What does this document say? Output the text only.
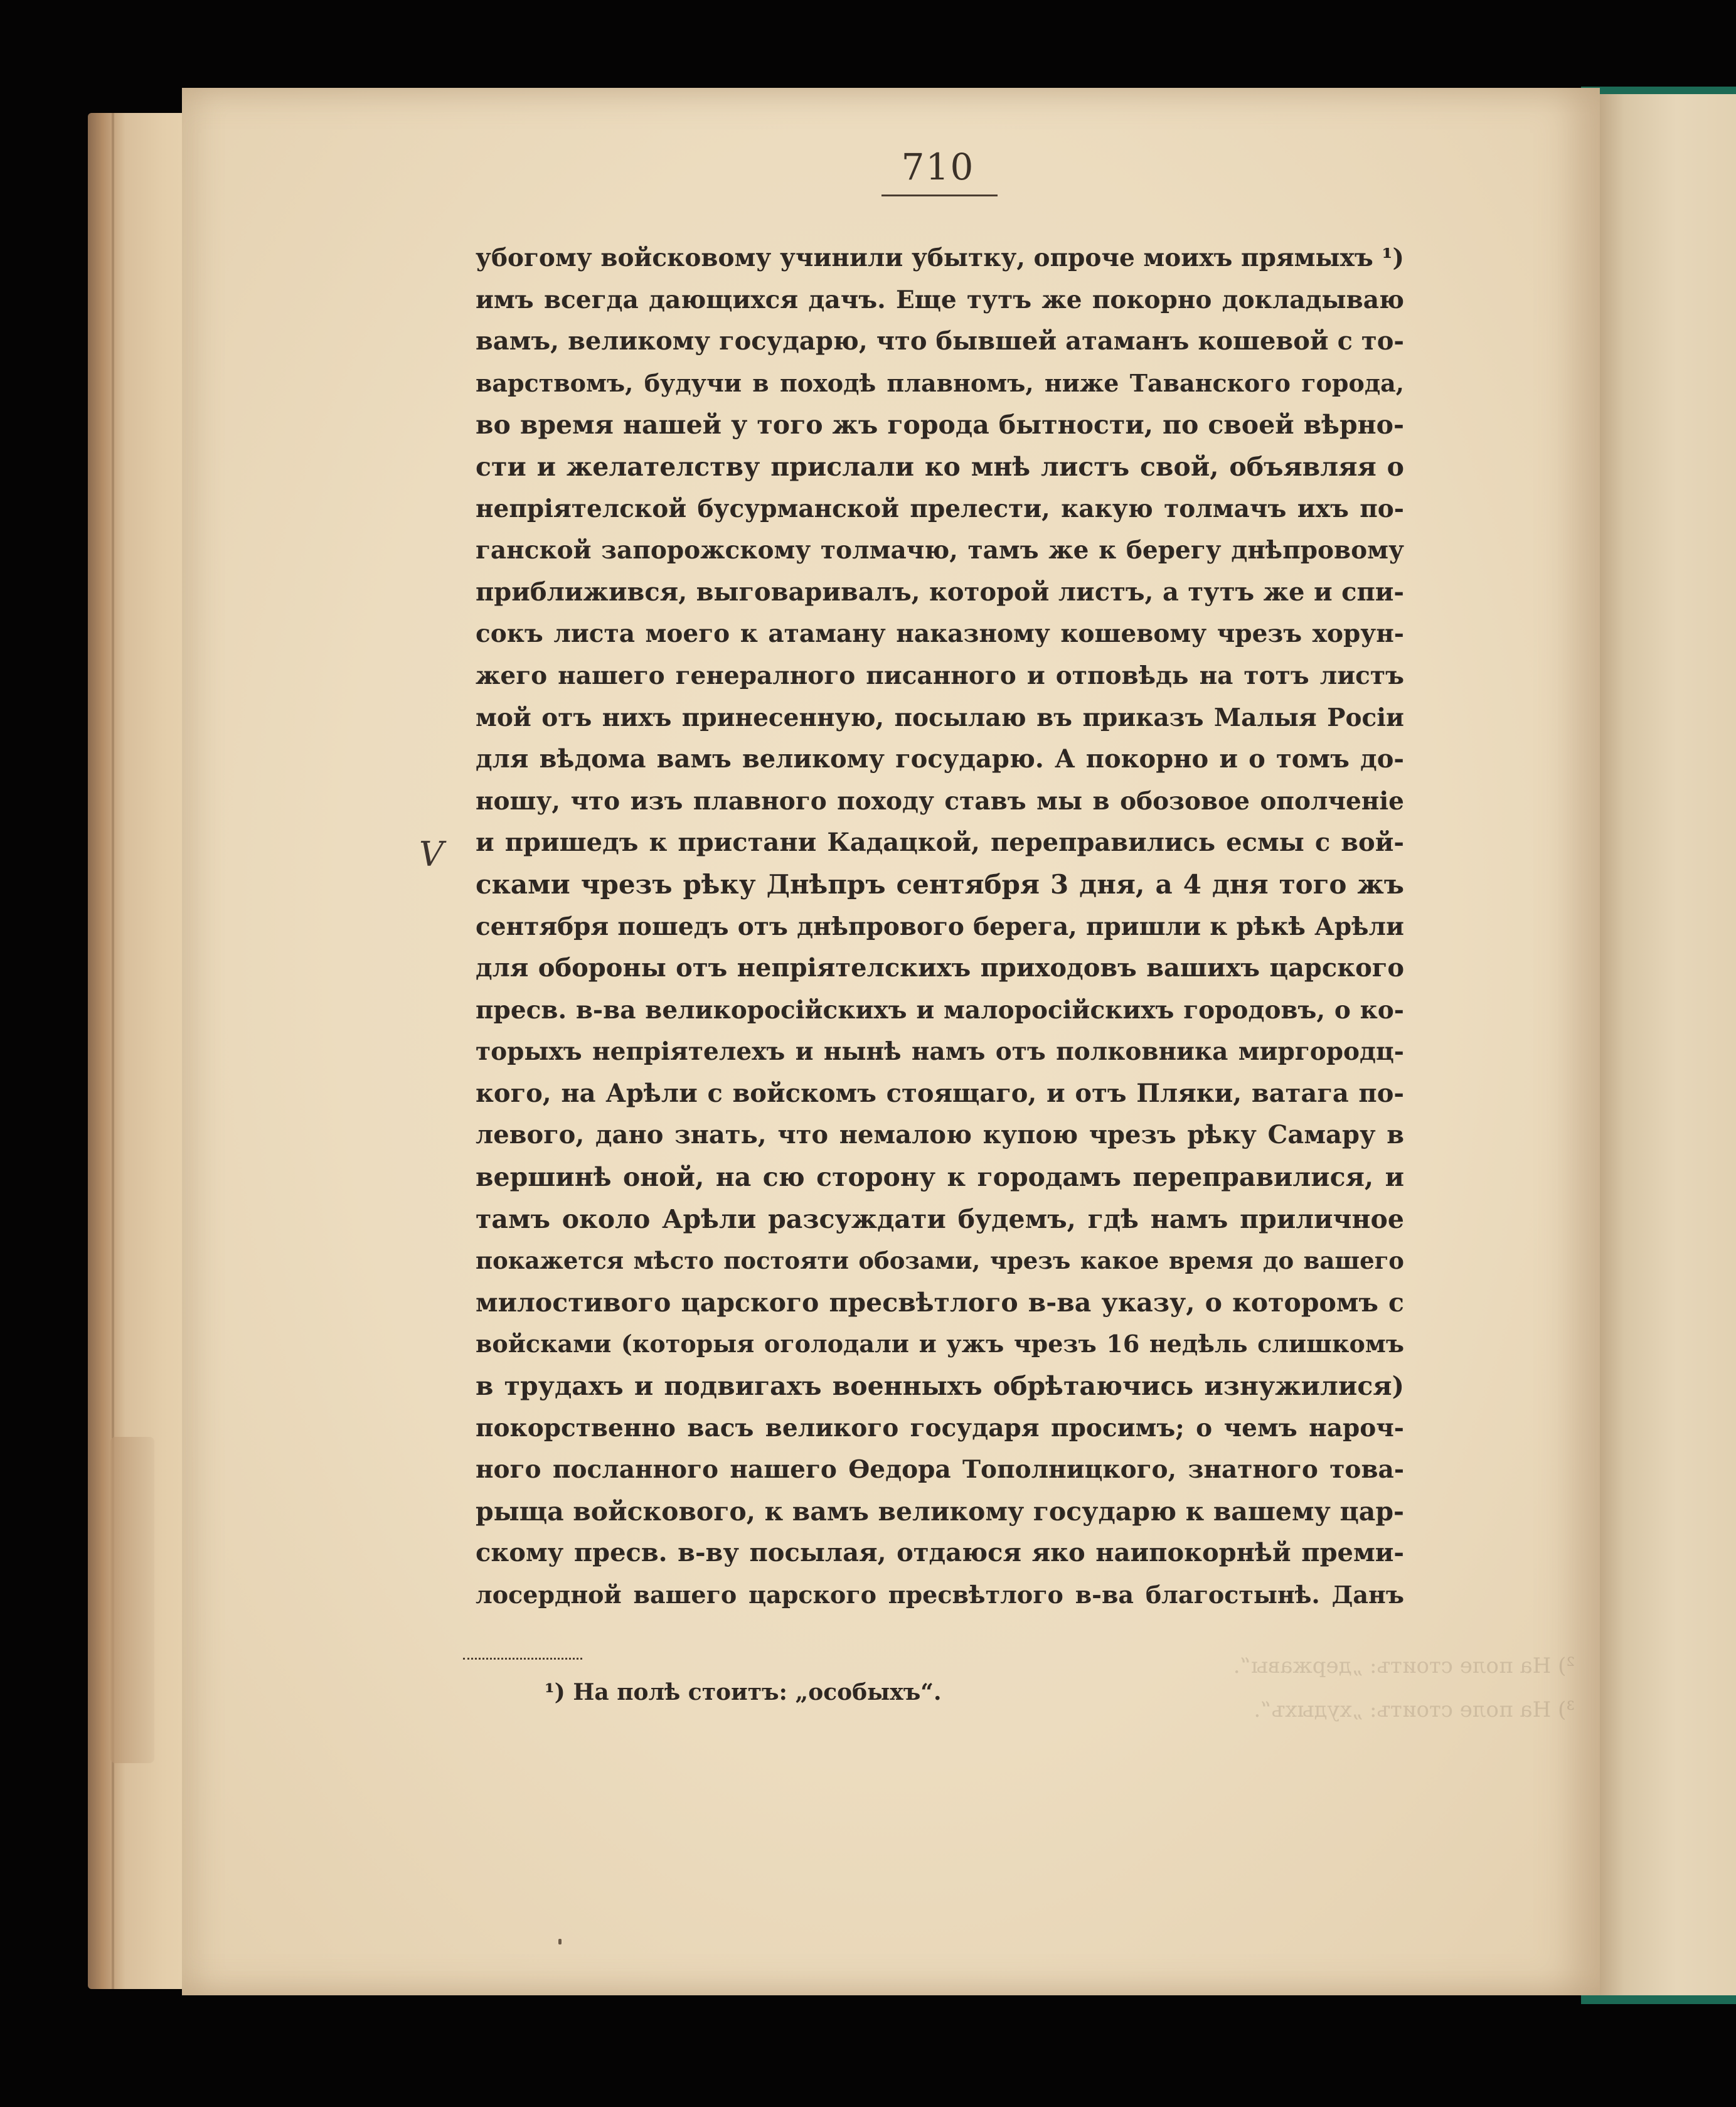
²) На поле стоитъ: „державы“.
³) На поле стоитъ: „худыхъ“.
710
V
убогому войсковому учинили убытку, опроче моихъ прямыхъ ¹)
имъ всегда дающихся дачъ. Еще тутъ же покорно докладываю
вамъ, великому государю, что бывшей атаманъ кошевой с то-
варствомъ, будучи в походѣ плавномъ, ниже Таванского города,
во время нашей у того жъ города бытности, по своей вѣрно-
сти и желателству прислали ко мнѣ листъ свой, объявляя о
непріятелской бусурманской прелести, какую толмачъ ихъ по-
ганской запорожскому толмачю, тамъ же к берегу днѣпровому
приближився, выговаривалъ, которой листъ, а тутъ же и спи-
сокъ листа моего к атаману наказному кошевому чрезъ хорун-
жего нашего генералного писанного и отповѣдь на тотъ листъ
мой отъ нихъ принесенную, посылаю въ приказъ Малыя Росіи
для вѣдома вамъ великому государю. А покорно и о томъ до-
ношу, что изъ плавного походу ставъ мы в обозовое ополченіе
и пришедъ к пристани Кадацкой, переправились есмы с вой-
сками чрезъ рѣку Днѣпръ сентября 3 дня, а 4 дня того жъ
сентября пошедъ отъ днѣпрового берега, пришли к рѣкѣ Арѣли
для обороны отъ непріятелскихъ приходовъ вашихъ царского
пресв. в-ва великоросійскихъ и малоросійскихъ городовъ, о ко-
торыхъ непріятелехъ и нынѣ намъ отъ полковника миргородц-
кого, на Арѣли с войскомъ стоящаго, и отъ Пляки, ватага по-
левого, дано знать, что немалою купою чрезъ рѣку Самару в
вершинѣ оной, на сю сторону к городамъ переправилися, и
тамъ около Арѣли разсуждати будемъ, гдѣ намъ приличное
покажется мѣсто постояти обозами, чрезъ какое время до вашего
милостивого царского пресвѣтлого в-ва указу, о которомъ с
войсками (которыя оголодали и ужъ чрезъ 16 недѣль слишкомъ
в трудахъ и подвигахъ военныхъ обрѣтаючись изнужилися)
покорственно васъ великого государя просимъ; о чемъ нароч-
ного посланного нашего Ѳедора Тополницкого, знатного това-
рыща войскового, к вамъ великому государю к вашему цар-
скому пресв. в-ву посылая, отдаюся яко наипокорнѣй преми-
лосердной вашего царского пресвѣтлого в-ва благостынѣ. Данъ
¹) На полѣ стоитъ: „особыхъ“.
